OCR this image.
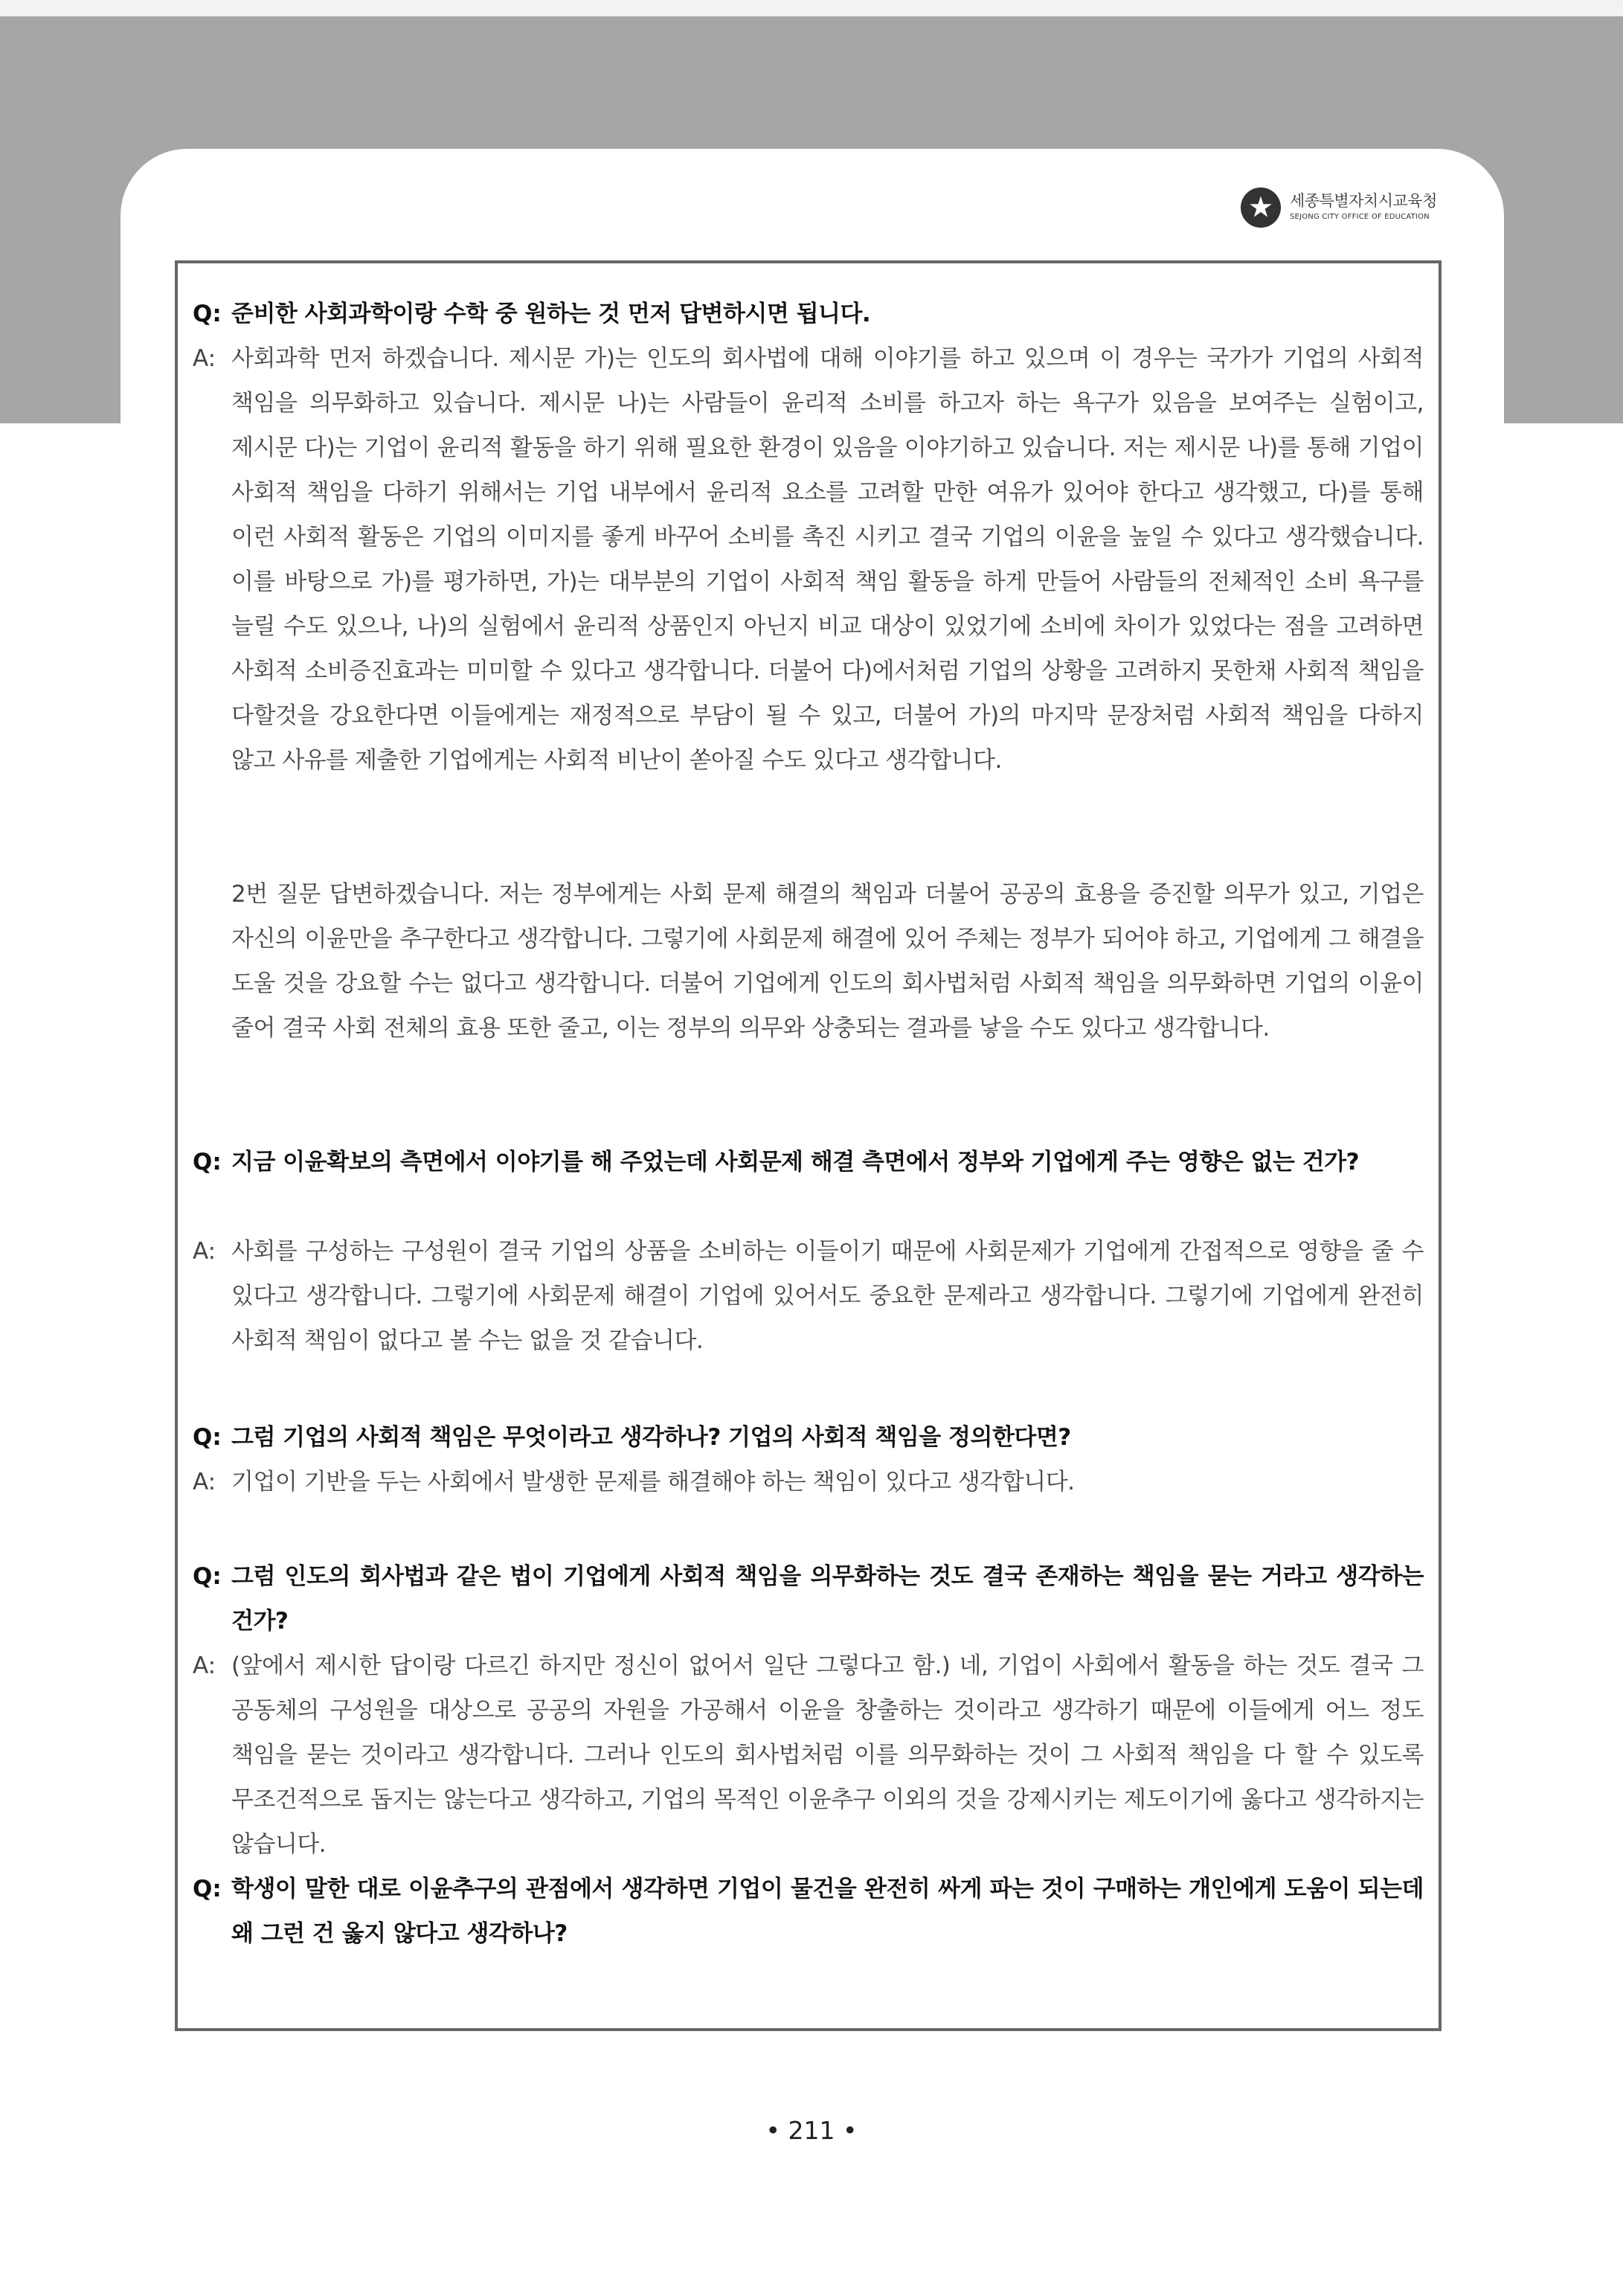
★	세종특별자치시교육청
SEJONG CITY OFFICE OF EDUCATION
Q: 준비한 사회과학이랑 수학 중 원하는 것 먼저 답변하시면 됩니다.
A: 사회과학 먼저 하겠습니다. 제시문 가)는 인도의 회사법에 대해 이야기를 하고 있으며 이 경우는 국가가 기업의 사회적 책임을 의무화하고 있습니다. 제시문 나)는 사람들이 윤리적 소비를 하고자 하는 욕구가 있음을 보여주는 실험이고, 제시문 다)는 기업이 윤리적 활동을 하기 위해 필요한 환경이 있음을 이야기하고 있습니다. 저는 제시문 나)를 통해 기업이 사회적 책임을 다하기 위해서는 기업 내부에서 윤리적 요소를 고려할 만한 여유가 있어야 한다고 생각했고, 다)를 통해 이런 사회적 활동은 기업의 이미지를 좋게 바꾸어 소비를 촉진 시키고 결국 기업의 이윤을 높일 수 있다고 생각했습니다. 이를 바탕으로 가)를 평가하면, 가)는 대부분의 기업이 사회적 책임 활동을 하게 만들어 사람들의 전체적인 소비 욕구를 늘릴 수도 있으나, 나)의 실험에서 윤리적 상품인지 아닌지 비교 대상이 있었기에 소비에 차이가 있었다는 점을 고려하면 사회적 소비증진효과는 미미할 수 있다고 생각합니다. 더불어 다)에서처럼 기업의 상황을 고려하지 못한채 사회적 책임을 다할것을 강요한다면 이들에게는 재정적으로 부담이 될 수 있고, 더불어 가)의 마지막 문장처럼 사회적 책임을 다하지 않고 사유를 제출한 기업에게는 사회적 비난이 쏟아질 수도 있다고 생각합니다.
2번 질문 답변하겠습니다. 저는 정부에게는 사회 문제 해결의 책임과 더불어 공공의 효용을 증진할 의무가 있고, 기업은 자신의 이윤만을 추구한다고 생각합니다. 그렇기에 사회문제 해결에 있어 주체는 정부가 되어야 하고, 기업에게 그 해결을 도울 것을 강요할 수는 없다고 생각합니다. 더불어 기업에게 인도의 회사법처럼 사회적 책임을 의무화하면 기업의 이윤이 줄어 결국 사회 전체의 효용 또한 줄고, 이는 정부의 의무와 상충되는 결과를 낳을 수도 있다고 생각합니다.
Q: 지금 이윤확보의 측면에서 이야기를 해 주었는데 사회문제 해결 측면에서 정부와 기업에게 주는 영향은 없는 건가?
A: 사회를 구성하는 구성원이 결국 기업의 상품을 소비하는 이들이기 때문에 사회문제가 기업에게 간접적으로 영향을 줄 수 있다고 생각합니다. 그렇기에 사회문제 해결이 기업에 있어서도 중요한 문제라고 생각합니다. 그렇기에 기업에게 완전히 사회적 책임이 없다고 볼 수는 없을 것 같습니다.
Q: 그럼 기업의 사회적 책임은 무엇이라고 생각하나? 기업의 사회적 책임을 정의한다면?
A: 기업이 기반을 두는 사회에서 발생한 문제를 해결해야 하는 책임이 있다고 생각합니다.
Q: 그럼 인도의 회사법과 같은 법이 기업에게 사회적 책임을 의무화하는 것도 결국 존재하는 책임을 묻는 거라고 생각하는 건가?
A: (앞에서 제시한 답이랑 다르긴 하지만 정신이 없어서 일단 그렇다고 함.) 네, 기업이 사회에서 활동을 하는 것도 결국 그 공동체의 구성원을 대상으로 공공의 자원을 가공해서 이윤을 창출하는 것이라고 생각하기 때문에 이들에게 어느 정도 책임을 묻는 것이라고 생각합니다. 그러나 인도의 회사법처럼 이를 의무화하는 것이 그 사회적 책임을 다 할 수 있도록 무조건적으로 돕지는 않는다고 생각하고, 기업의 목적인 이윤추구 이외의 것을 강제시키는 제도이기에 옳다고 생각하지는 않습니다.
Q: 학생이 말한 대로 이윤추구의 관점에서 생각하면 기업이 물건을 완전히 싸게 파는 것이 구매하는 개인에게 도움이 되는데 왜 그런 건 옳지 않다고 생각하나?
• 211 •
